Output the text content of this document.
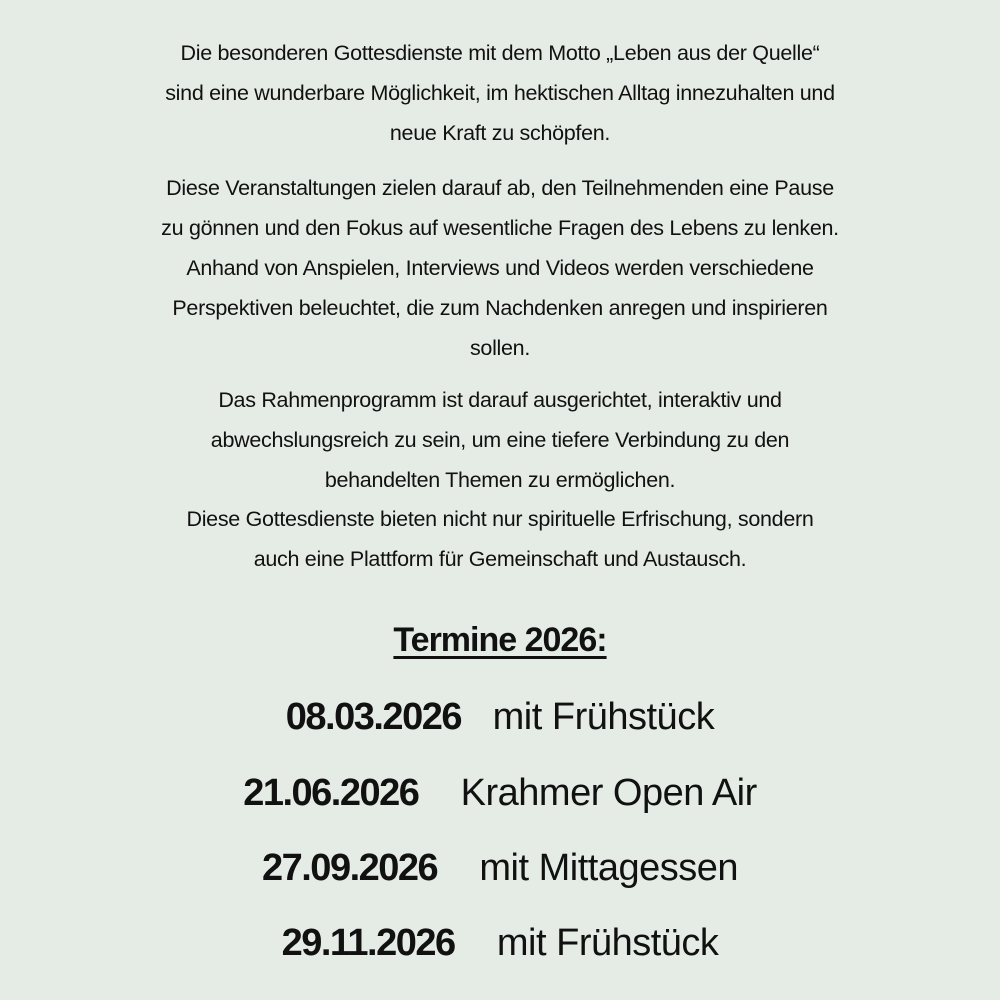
Die besonderen Gottesdienste mit dem Motto „Leben aus der Quelle“
sind eine wunderbare Möglichkeit, im hektischen Alltag innezuhalten und
neue Kraft zu schöpfen.
Diese Veranstaltungen zielen darauf ab, den Teilnehmenden eine Pause
zu gönnen und den Fokus auf wesentliche Fragen des Lebens zu lenken.
Anhand von Anspielen, Interviews und Videos werden verschiedene
Perspektiven beleuchtet, die zum Nachdenken anregen und inspirieren
sollen.
Das Rahmenprogramm ist darauf ausgerichtet, interaktiv und
abwechslungsreich zu sein, um eine tiefere Verbindung zu den
behandelten Themen zu ermöglichen.
Diese Gottesdienste bieten nicht nur spirituelle Erfrischung, sondern
auch eine Plattform für Gemeinschaft und Austausch.
Termine 2026:
08.03.2026 mit Frühstück
21.06.2026 Krahmer Open Air
27.09.2026 mit Mittagessen
29.11.2026 mit Frühstück
